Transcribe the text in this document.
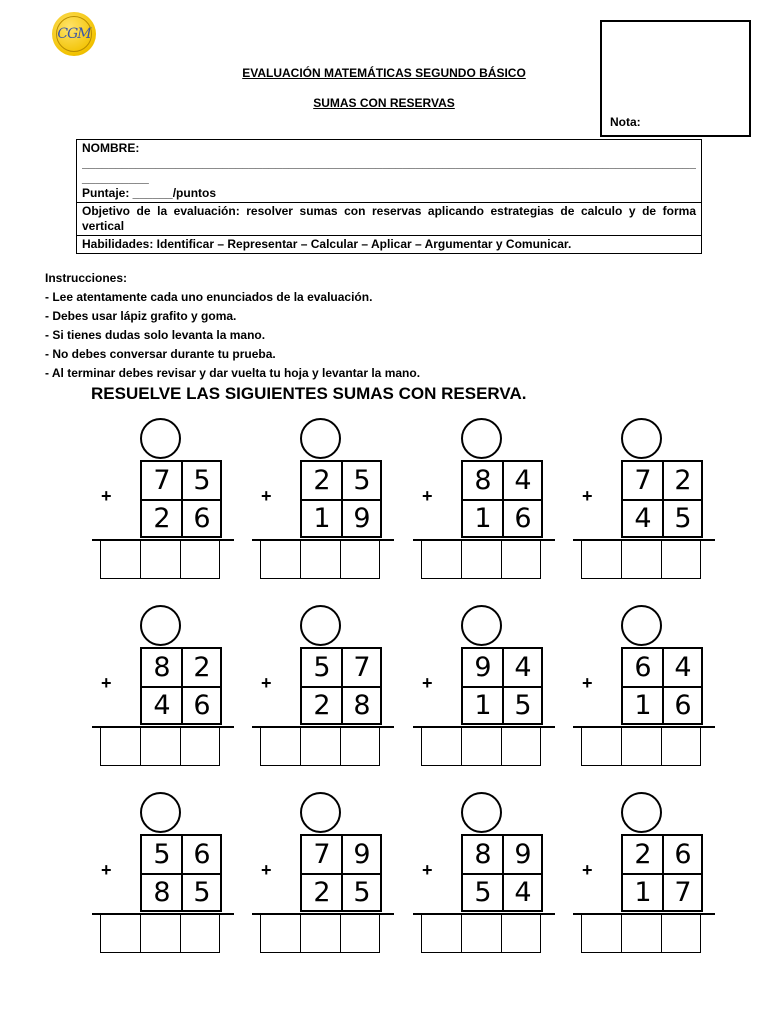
CGM
EVALUACIÓN MATEMÁTICAS SEGUNDO BÁSICO
SUMAS CON RESERVAS
Nota:
NOMBRE:
____________________________________________________________________________________________
__________
Puntaje: ______/puntos

Objetivo de la evaluación: resolver sumas con reservas aplicando estrategias de calculo y de forma vertical
Habilidades: Identificar – Representar – Calcular – Aplicar – Argumentar y Comunicar.
Instrucciones:
- Lee atentamente cada uno enunciados de la evaluación.
- Debes usar lápiz grafito y goma.
- Si tienes dudas solo levanta la mano.
- No debes conversar durante tu prueba.
- Al terminar debes revisar y dar vuelta tu hoja y levantar la mano.
RESUELVE LAS SIGUIENTES SUMAS CON RESERVA.
7 5
2 6
+	2 5
1 9
+	8 4
1 6
+	7 2
4 5
+
8 2
4 6
+	5 7
2 8
+	9 4
1 5
+	6 4
1 6
+
5 6
8 5
+	7 9
2 5
+	8 9
5 4
+	2 6
1 7
+
